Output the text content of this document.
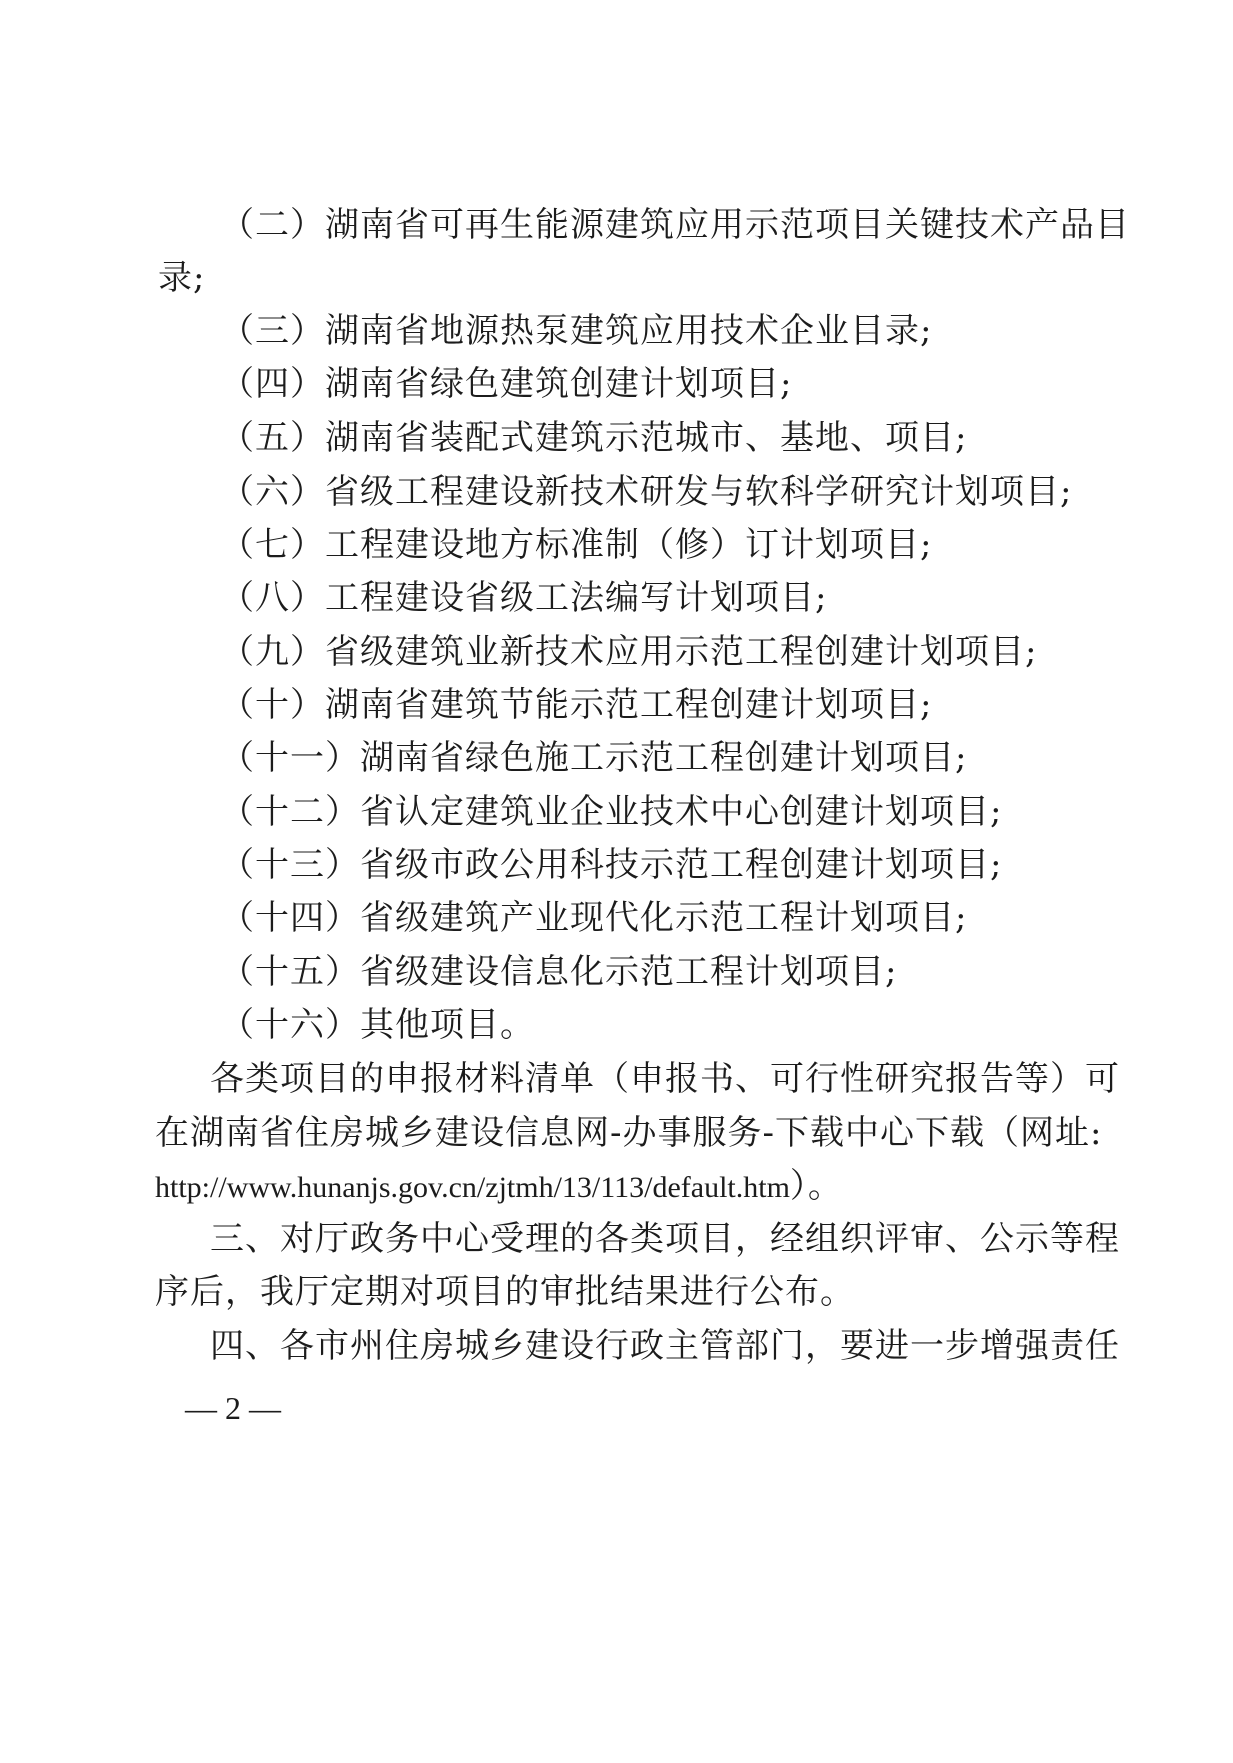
（二）湖南省可再生能源建筑应用示范项目关键技术产品目
录;
（三）湖南省地源热泵建筑应用技术企业目录;
（四）湖南省绿色建筑创建计划项目;
（五）湖南省装配式建筑示范城市、基地、项目;
（六）省级工程建设新技术研发与软科学研究计划项目;
（七）工程建设地方标准制（修）订计划项目;
（八）工程建设省级工法编写计划项目;
（九）省级建筑业新技术应用示范工程创建计划项目;
（十）湖南省建筑节能示范工程创建计划项目;
（十一）湖南省绿色施工示范工程创建计划项目;
（十二）省认定建筑业企业技术中心创建计划项目;
（十三）省级市政公用科技示范工程创建计划项目;
（十四）省级建筑产业现代化示范工程计划项目;
（十五）省级建设信息化示范工程计划项目;
（十六）其他项目。
各类项目的申报材料清单（申报书、可行性研究报告等）可
在湖南省住房城乡建设信息网-办事服务-下载中心下载（网址:
http://www.hunanjs.gov.cn/zjtmh/13/113/default.htm）。
三、对厅政务中心受理的各类项目，经组织评审、公示等程
序后，我厅定期对项目的审批结果进行公布。
四、各市州住房城乡建设行政主管部门，要进一步增强责任
— 2 —
